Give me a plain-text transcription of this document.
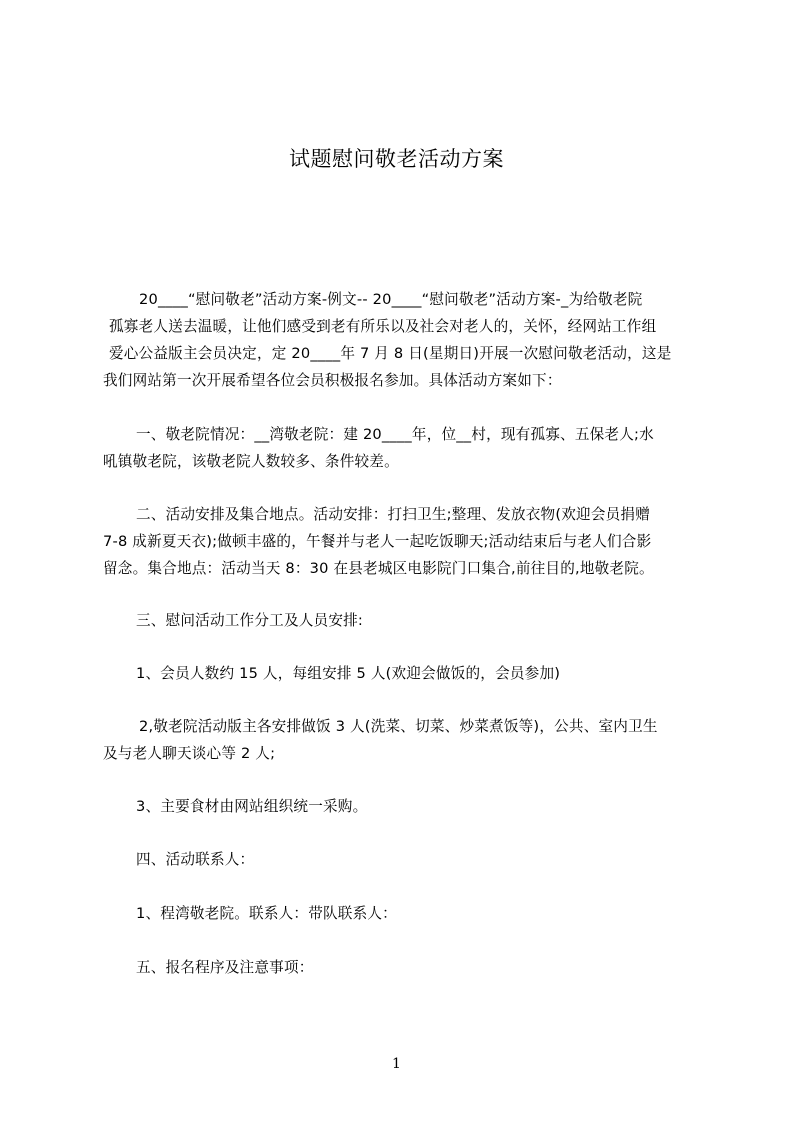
试题慰问敬老活动方案
20____“慰问敬老”活动方案-例文-- 20____“慰问敬老”活动方案-_为给敬老院
孤寡老人送去温暖，让他们感受到老有所乐以及社会对老人的，关怀，经网站工作组
爱心公益版主会员决定，定 20____年 7 月 8 日(星期日)开展一次慰问敬老活动，这是
我们网站第一次开展希望各位会员积极报名参加。具体活动方案如下：
一、敬老院情况：__湾敬老院：建 20____年，位__村，现有孤寡、五保老人;水
吼镇敬老院，该敬老院人数较多、条件较差。
二、活动安排及集合地点。活动安排：打扫卫生;整理、发放衣物(欢迎会员捐赠
7-8 成新夏天衣);做顿丰盛的，午餐并与老人一起吃饭聊天;活动结束后与老人们合影
留念。集合地点：活动当天 8：30 在县老城区电影院门口集合,前往目的,地敬老院。
三、慰问活动工作分工及人员安排:
1、会员人数约 15 人，每组安排 5 人(欢迎会做饭的，会员参加)
2,敬老院活动版主各安排做饭 3 人(洗菜、切菜、炒菜煮饭等)，公共、室内卫生
及与老人聊天谈心等 2 人;
3、主要食材由网站组织统一采购。
四、活动联系人：
1、程湾敬老院。联系人：带队联系人：
五、报名程序及注意事项：
1
